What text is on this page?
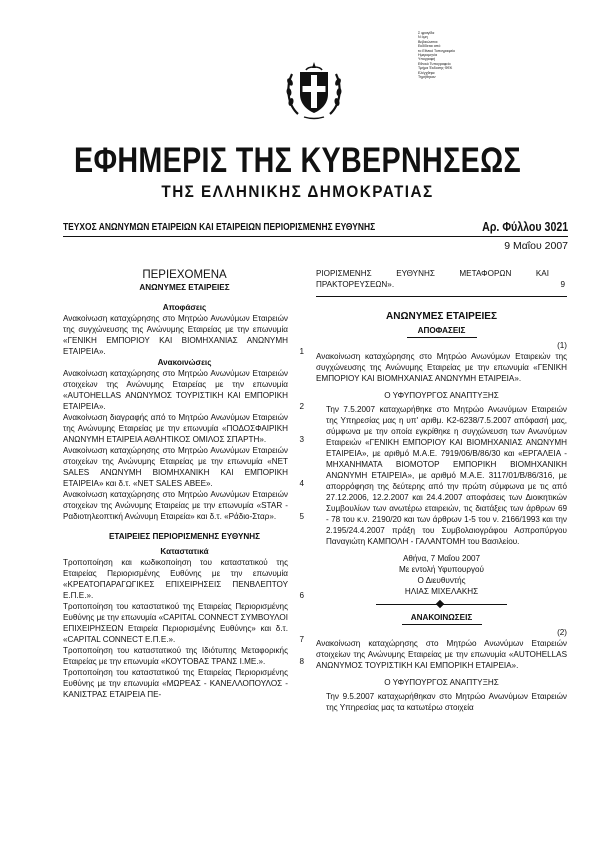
Σ φραγίδα
Ν όμη
Βεβαιώνεται
Εκδίδεται από
το Εθνικό Τυπογραφείο
Ημερομηνία
Υπογραφή
Εθνικό Τυπογραφείο
Τμήμα Έκδοσης ΦΕΚ
Ελέγχθηκε
Τηρήθηκαν
ΕΦΗΜΕΡΙΣ ΤΗΣ ΚΥΒΕΡΝΗΣΕΩΣ
ΤΗΣ ΕΛΛΗΝΙΚΗΣ ΔΗΜΟΚΡΑΤΙΑΣ
ΤΕΥΧΟΣ ΑΝΩΝΥΜΩΝ ΕΤΑΙΡΕΙΩΝ ΚΑΙ ΕΤΑΙΡΕΙΩΝ ΠΕΡΙΟΡΙΣΜΕΝΗΣ ΕΥΘΥΝΗΣ	Αρ. Φύλλου 3021
9 Μαΐου 2007

ΠΕΡΙΕΧΟΜΕΝΑ

ΑΝΩΝΥΜΕΣ ΕΤΑΙΡΕΙΕΣ

Αποφάσεις

Ανακοίνωση καταχώρησης στο Μητρώο Ανωνύμων Εταιρειών της συγχώνευσης της Ανώνυμης Εταιρείας με την επωνυμία «ΓΕΝΙΚΗ ΕΜΠΟΡΙΟΥ ΚΑΙ ΒΙΟΜΗΧΑΝΙΑΣ ΑΝΩΝΥΜΗ ΕΤΑΙΡΕΙΑ».	1

Ανακοινώσεις

Ανακοίνωση καταχώρησης στο Μητρώο Ανωνύμων Εταιρειών στοιχείων της Ανώνυμης Εταιρείας με την επωνυμία «AUTOHELLAS ΑΝΩΝΥΜΟΣ ΤΟΥΡΙΣΤΙΚΗ ΚΑΙ ΕΜΠΟΡΙΚΗ ΕΤΑΙΡΕΙΑ».	2
Ανακοίνωση διαγραφής από το Μητρώο Ανωνύμων Εταιρειών της Ανώνυμης Εταιρείας με την επωνυμία «ΠΟΔΟΣΦΑΙΡΙΚΗ ΑΝΩΝΥΜΗ ΕΤΑΙΡΕΙΑ ΑΘΛΗΤΙΚΟΣ ΟΜΙΛΟΣ ΣΠΑΡΤΗ».	3
Ανακοίνωση καταχώρησης στο Μητρώο Ανωνύμων Εταιρειών στοιχείων της Ανώνυμης Εταιρείας με την επωνυμία «ΝΕΤ SALES ΑΝΩΝΥΜΗ ΒΙΟΜΗΧΑΝΙΚΗ ΚΑΙ ΕΜΠΟΡΙΚΗ ΕΤΑΙΡΕΙΑ» και δ.τ. «ΝΕΤ SALES ΑΒΕΕ».	4
Ανακοίνωση καταχώρησης στο Μητρώο Ανωνύμων Εταιρειών στοιχείων της Ανώνυμης Εταιρείας με την επωνυμία «STAR - Ραδιοτηλεοπτική Ανώνυμη Εταιρεία» και δ.τ. «Ράδιο-Σταρ».	5

ΕΤΑΙΡΕΙΕΣ ΠΕΡΙΟΡΙΣΜΕΝΗΣ ΕΥΘΥΝΗΣ

Καταστατικά

Τροποποίηση και κωδικοποίηση του καταστατικού της Εταιρείας Περιορισμένης Ευθύνης με την επωνυμία «ΚΡΕΑΤΟΠΑΡΑΓΩΓΙΚΕΣ ΕΠΙΧΕΙΡΗΣΕΙΣ ΠΕΝΒΛΕΠΤΟΥ Ε.Π.Ε.».	6
Τροποποίηση του καταστατικού της Εταιρείας Περιορισμένης Ευθύνης με την επωνυμία «CAPITAL CONNECT ΣΥΜΒΟΥΛΟΙ ΕΠΙΧΕΙΡΗΣΕΩΝ Εταιρεία Περιορισμένης Ευθύνης» και δ.τ. «CAPITAL CONNECT Ε.Π.Ε.».	7
Τροποποίηση του καταστατικού της Ιδιότυπης Μεταφορικής Εταιρείας με την επωνυμία «ΚΟΥΤΟΒΑΣ ΤΡΑΝΣ Ι.ΜΕ.».	8
Τροποποίηση του καταστατικού της Εταιρείας Περιορισμένης Ευθύνης με την επωνυμία «ΜΩΡΕΑΣ - ΚΑΝΕΛΛΟΠΟΥΛΟΣ - ΚΑΝΙΣΤΡΑΣ ΕΤΑΙΡΕΙΑ ΠΕ-
ΡΙΟΡΙΣΜΕΝΗΣ ΕΥΘΥΝΗΣ ΜΕΤΑΦΟΡΩΝ ΚΑΙ ΠΡΑΚΤΟΡΕΥΣΕΩΝ».	9

ΑΝΩΝΥΜΕΣ ΕΤΑΙΡΕΙΕΣ

ΑΠΟΦΑΣΕΙΣ

(1)

Ανακοίνωση καταχώρησης στο Μητρώο Ανωνύμων Εταιρειών της συγχώνευσης της Ανώνυμης Εταιρείας με την επωνυμία «ΓΕΝΙΚΗ ΕΜΠΟΡΙΟΥ ΚΑΙ ΒΙΟΜΗΧΑΝΙΑΣ ΑΝΩΝΥΜΗ ΕΤΑΙΡΕΙΑ».

Ο ΥΦΥΠΟΥΡΓΟΣ ΑΝΑΠΤΥΞΗΣ

Την 7.5.2007 καταχωρήθηκε στο Μητρώο Ανωνύμων Εταιρειών της Υπηρεσίας μας η υπ' αριθμ. Κ2-6238/7.5.2007 απόφασή μας, σύμφωνα με την οποία εγκρίθηκε η συγχώνευση των Ανωνύμων Εταιρειών «ΓΕΝΙΚΗ ΕΜΠΟΡΙΟΥ ΚΑΙ ΒΙΟΜΗΧΑΝΙΑΣ ΑΝΩΝΥΜΗ ΕΤΑΙΡΕΙΑ», με αριθμό Μ.Α.Ε. 7919/06/Β/86/30 και «ΕΡΓΑΛΕΙΑ - ΜΗΧΑΝΗΜΑΤΑ ΒΙΟΜΟΤΟΡ ΕΜΠΟΡΙΚΗ ΒΙΟΜΗΧΑΝΙΚΗ ΑΝΩΝΥΜΗ ΕΤΑΙΡΕΙΑ», με αριθμό Μ.Α.Ε. 3117/01/Β/86/316, με απορρόφηση της δεύτερης από την πρώτη σύμφωνα με τις από 27.12.2006, 12.2.2007 και 24.4.2007 αποφάσεις των Διοικητικών Συμβουλίων των ανωτέρω εταιρειών, τις διατάξεις των άρθρων 69 - 78 του κ.ν. 2190/20 και των άρθρων 1-5 του ν. 2166/1993 και την 2.195/24.4.2007 πράξη του Συμβολαιογράφου Ασπροπύργου Παναγιώτη ΚΑΜΠΟΛΗ - ΓΑΛΑΝΤΟΜΗ του Βασιλείου.

Αθήνα, 7 Μαΐου 2007

Με εντολή Υφυπουργού

Ο Διευθυντής

ΗΛΙΑΣ ΜΙΧΕΛΑΚΗΣ

ΑΝΑΚΟΙΝΩΣΕΙΣ

(2)

Ανακοίνωση καταχώρησης στο Μητρώο Ανωνύμων Εταιρειών στοιχείων της Ανώνυμης Εταιρείας με την επωνυμία «AUTOHELLAS ΑΝΩΝΥΜΟΣ ΤΟΥΡΙΣΤΙΚΗ ΚΑΙ ΕΜΠΟΡΙΚΗ ΕΤΑΙΡΕΙΑ».

Ο ΥΦΥΠΟΥΡΓΟΣ ΑΝΑΠΤΥΞΗΣ

Την 9.5.2007 καταχωρήθηκαν στο Μητρώο Ανωνύμων Εταιρειών της Υπηρεσίας μας τα κατωτέρω στοιχεία
